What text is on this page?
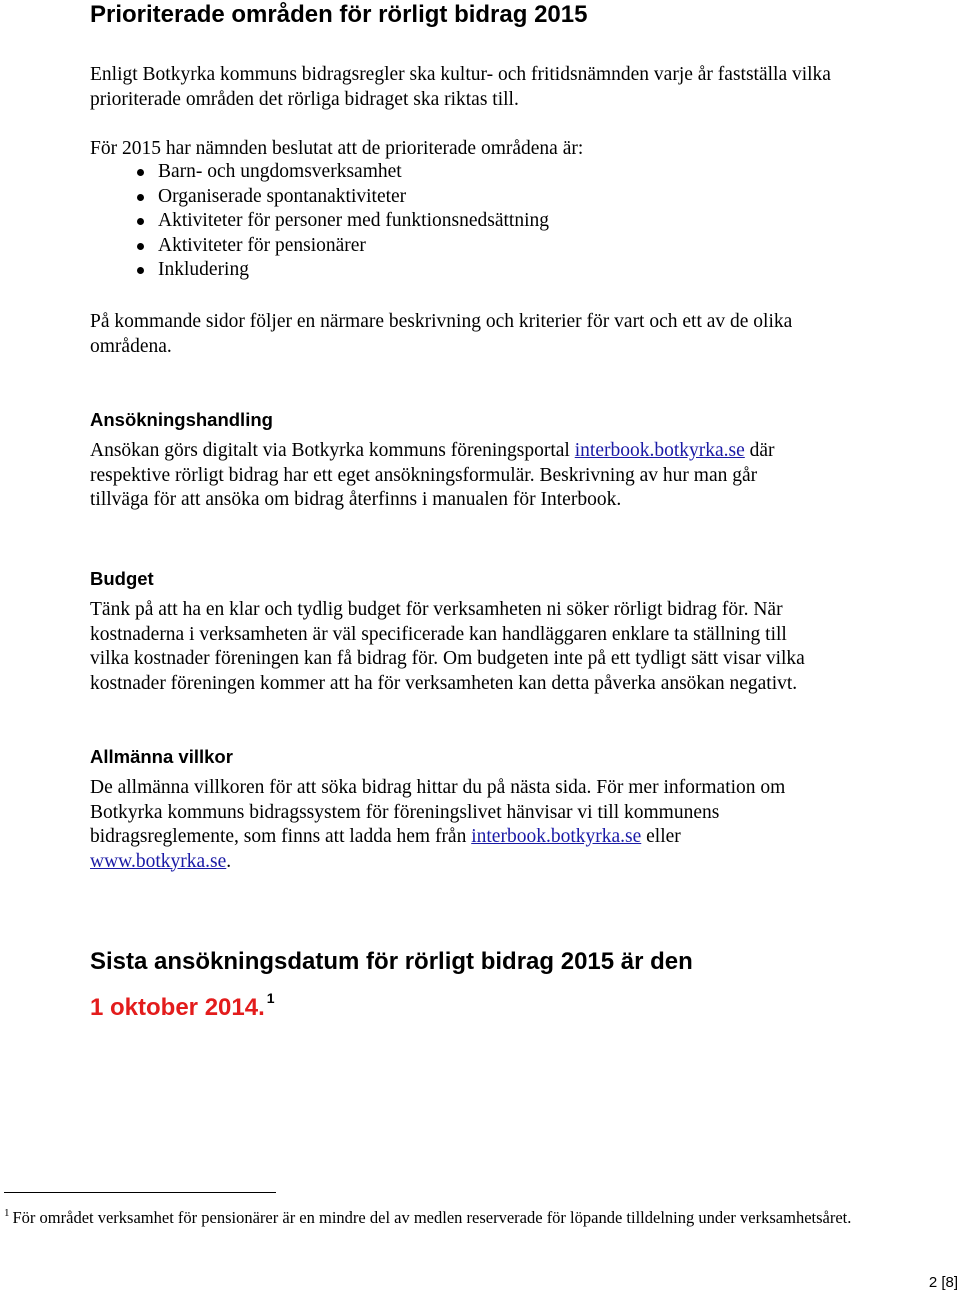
Prioriterade områden för rörligt bidrag 2015

Enligt Botkyrka kommuns bidragsregler ska kultur- och fritidsnämnden varje år fastställa vilka prioriterade områden det rörliga bidraget ska riktas till.

För 2015 har nämnden beslutat att de prioriterade områdena är:

Barn- och ungdomsverksamhet
Organiserade spontanaktiviteter
Aktiviteter för personer med funktionsnedsättning
Aktiviteter för pensionärer
Inkludering

På kommande sidor följer en närmare beskrivning och kriterier för vart och ett av de olika områdena.

Ansökningshandling

Ansökan görs digitalt via Botkyrka kommuns föreningsportal interbook.botkyrka.se där respektive rörligt bidrag har ett eget ansökningsformulär. Beskrivning av hur man går tillväga för att ansöka om bidrag återfinns i manualen för Interbook.

Budget

Tänk på att ha en klar och tydlig budget för verksamheten ni söker rörligt bidrag för. När kostnaderna i verksamheten är väl specificerade kan handläggaren enklare ta ställning till vilka kostnader föreningen kan få bidrag för. Om budgeten inte på ett tydligt sätt visar vilka kostnader föreningen kommer att ha för verksamheten kan detta påverka ansökan negativt.

Allmänna villkor

De allmänna villkoren för att söka bidrag hittar du på nästa sida. För mer information om Botkyrka kommuns bidragssystem för föreningslivet hänvisar vi till kommunens bidragsreglemente, som finns att ladda hem från interbook.botkyrka.se eller www.botkyrka.se.

Sista ansökningsdatum för rörligt bidrag 2015 är den
1 oktober 2014. $^1$

$^1$ För området verksamhet för pensionärer är en mindre del av medlen reserverade för löpande tilldelning under verksamhetsåret.

2 [8]
